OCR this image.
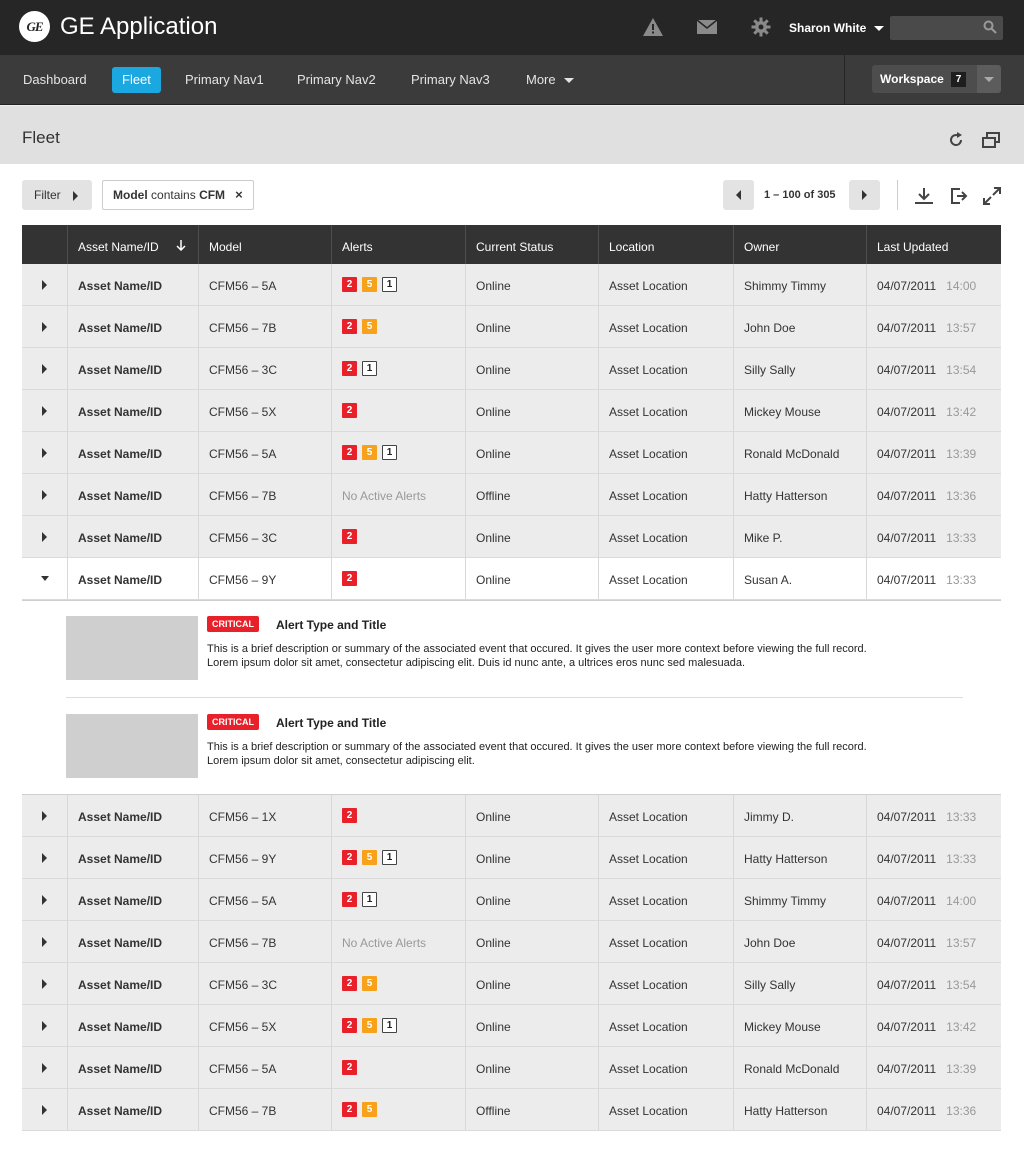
GE GE Application	Sharon White
Dashboard	Fleet	Primary Nav1	Primary Nav2	Primary Nav3	More	Workspace	7
Fleet
Filter	Model contains CFM ×	1 – 100 of 305
Asset Name/ID	Model	Alerts	Current Status	Location	Owner	Last Updated
Asset Name/ID	CFM56 – 5A	2	5	1	Online	Asset Location	Shimmy Timmy	04/07/2011 14:00
Asset Name/ID	CFM56 – 7B	2	5	Online	Asset Location	John Doe	04/07/2011 13:57
Asset Name/ID	CFM56 – 3C	2	1	Online	Asset Location	Silly Sally	04/07/2011 13:54
Asset Name/ID	CFM56 – 5X	2	Online	Asset Location	Mickey Mouse	04/07/2011 13:42
Asset Name/ID	CFM56 – 5A	2	5	1	Online	Asset Location	Ronald McDonald	04/07/2011 13:39
Asset Name/ID	CFM56 – 7B	No Active Alerts	Offline	Asset Location	Hatty Hatterson	04/07/2011 13:36
Asset Name/ID	CFM56 – 3C	2	Online	Asset Location	Mike P.	04/07/2011 13:33
Asset Name/ID	CFM56 – 9Y	2	Online	Asset Location	Susan A.	04/07/2011 13:33
CRITICAL	Alert Type and Title
This is a brief description or summary of the associated event that occured. It gives the user more context before viewing the full record. Lorem ipsum dolor sit amet, consectetur adipiscing elit. Duis id nunc ante, a ultrices eros nunc sed malesuada.
CRITICAL	Alert Type and Title
This is a brief description or summary of the associated event that occured. It gives the user more context before viewing the full record. Lorem ipsum dolor sit amet, consectetur adipiscing elit.
Asset Name/ID	CFM56 – 1X	2	Online	Asset Location	Jimmy D.	04/07/2011 13:33
Asset Name/ID	CFM56 – 9Y	2	5	1	Online	Asset Location	Hatty Hatterson	04/07/2011 13:33
Asset Name/ID	CFM56 – 5A	2	1	Online	Asset Location	Shimmy Timmy	04/07/2011 14:00
Asset Name/ID	CFM56 – 7B	No Active Alerts	Online	Asset Location	John Doe	04/07/2011 13:57
Asset Name/ID	CFM56 – 3C	2	5	Online	Asset Location	Silly Sally	04/07/2011 13:54
Asset Name/ID	CFM56 – 5X	2	5	1	Online	Asset Location	Mickey Mouse	04/07/2011 13:42
Asset Name/ID	CFM56 – 5A	2	Online	Asset Location	Ronald McDonald	04/07/2011 13:39
Asset Name/ID	CFM56 – 7B	2	5	Offline	Asset Location	Hatty Hatterson	04/07/2011 13:36
